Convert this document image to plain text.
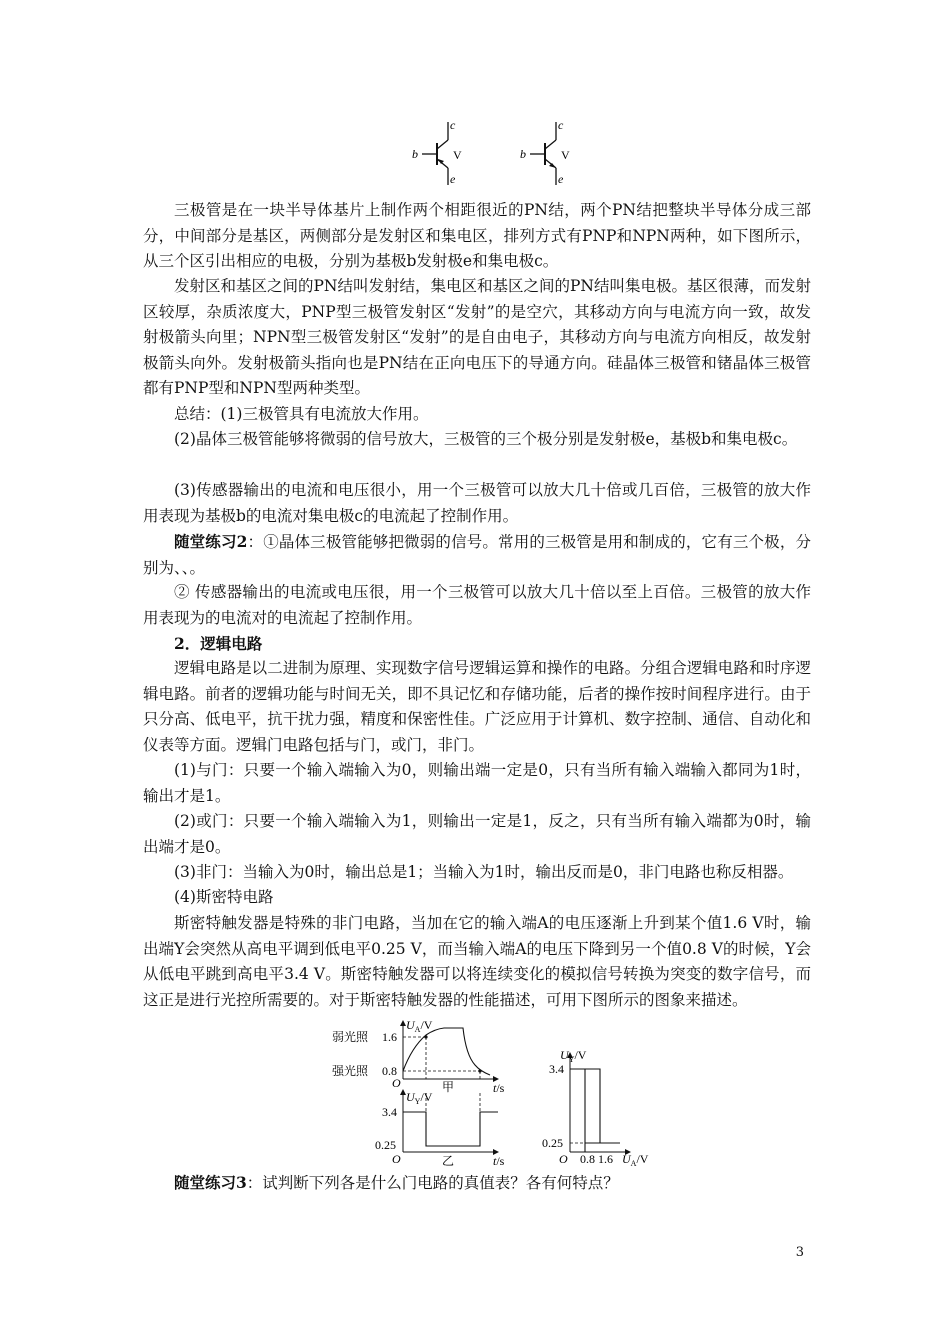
c
b
e
V
c
b
e
V

三极管是在一块半导体基片上制作两个相距很近的PN结，两个PN结把整块半导体分成三部分，中间部分是基区，两侧部分是发射区和集电区，排列方式有PNP和NPN两种，如下图所示，从三个区引出相应的电极，分别为基极b发射极e和集电极c。

发射区和基区之间的PN结叫发射结，集电区和基区之间的PN结叫集电极。基区很薄，而发射区较厚，杂质浓度大，PNP型三极管发射区“发射”的是空穴，其移动方向与电流方向一致，故发射极箭头向里；NPN型三极管发射区“发射”的是自由电子，其移动方向与电流方向相反，故发射极箭头向外。发射极箭头指向也是PN结在正向电压下的导通方向。硅晶体三极管和锗晶体三极管都有PNP型和NPN型两种类型。

总结：(1)三极管具有电流放大作用。

(2)晶体三极管能够将微弱的信号放大，三极管的三个极分别是发射极e，基极b和集电极c。

(3)传感器输出的电流和电压很小，用一个三极管可以放大几十倍或几百倍，三极管的放大作用表现为基极b的电流对集电极c的电流起了控制作用。

随堂练习2：①晶体三极管能够把微弱的信号。常用的三极管是用和制成的，它有三个极，分别为、、。

② 传感器输出的电流或电压很，用一个三极管可以放大几十倍以至上百倍。三极管的放大作用表现为的电流对的电流起了控制作用。

2．逻辑电路

逻辑电路是以二进制为原理、实现数字信号逻辑运算和操作的电路。分组合逻辑电路和时序逻辑电路。前者的逻辑功能与时间无关，即不具记忆和存储功能，后者的操作按时间程序进行。由于只分高、低电平，抗干扰力强，精度和保密性佳。广泛应用于计算机、数字控制、通信、自动化和仪表等方面。逻辑门电路包括与门，或门，非门。

(1)与门：只要一个输入端输入为0，则输出端一定是0，只有当所有输入端输入都同为1时，输出才是1。

(2)或门：只要一个输入端输入为1，则输出一定是1，反之，只有当所有输入端都为0时，输出端才是0。

(3)非门：当输入为0时，输出总是1；当输入为1时，输出反而是0，非门电路也称反相器。

(4)斯密特电路

斯密特触发器是特殊的非门电路，当加在它的输入端A的电压逐渐上升到某个值1.6 V时，输出端Y会突然从高电平调到低电平0.25 V，而当输入端A的电压下降到另一个值0.8 V的时候，Y会从低电平跳到高电平3.4 V。斯密特触发器可以将连续变化的模拟信号转换为突变的数字信号，而这正是进行光控所需要的。对于斯密特触发器的性能描述，可用下图所示的图象来描述。

$U_A/V$
弱光照 1.6
强光照 0.8
O	甲	t/s
$U_Y/V$
3.4
0.25
O	乙	t/s
$U_Y/V$
3.4
0.25
O 0.8 1.6 $U_A/V$

随堂练习3：试判断下列各是什么门电路的真值表？各有何特点？

3
